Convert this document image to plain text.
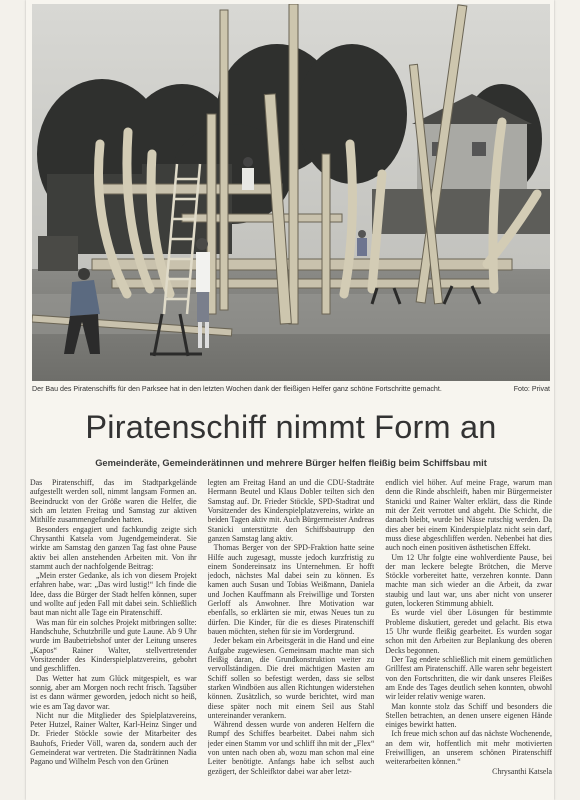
Der Bau des Piratenschiffs für den Parksee hat in den letzten Wochen dank der fleißigen Helfer ganz schöne Fortschritte gemacht.	Foto: Privat
Piratenschiff nimmt Form an
Gemeinderäte, Gemeinderätinnen und mehrere Bürger helfen fleißig beim Schiffsbau mit

Das Piratenschiff, das im Stadtparkgelände aufgestellt werden soll, nimmt langsam Formen an. Beeindruckt von der Größe waren die Helfer, die sich am letzten Freitag und Samstag zur aktiven Mithilfe zusammengefunden hatten.

Besonders engagiert und fachkundig zeigte sich Chrysanthi Katsela vom Jugendgemeinderat. Sie wirkte am Samstag den ganzen Tag fast ohne Pause aktiv bei allen anstehenden Arbeiten mit. Von ihr stammt auch der nachfolgende Beitrag:

„Mein erster Gedanke, als ich von diesem Projekt erfahren habe, war: „Das wird lustig!“ Ich finde die Idee, dass die Bürger der Stadt helfen können, super und wollte auf jeden Fall mit dabei sein. Schließlich baut man nicht alle Tage ein Piratenschiff.

Was man für ein solches Projekt mitbringen sollte: Handschuhe, Schutzbrille und gute Laune. Ab 9 Uhr wurde im Baubetriebshof unter der Leitung unseres „Kapos“ Rainer Walter, stellvertretender Vorsitzender des Kinderspielplatzvereins, gebohrt und geschliffen.

Das Wetter hat zum Glück mitgespielt, es war sonnig, aber am Morgen noch recht frisch. Tagsüber ist es dann wärmer geworden, jedoch nicht so heiß, wie es am Tag davor war.

Nicht nur die Mitglieder des Spielplatzvereins, Peter Hutzel, Rainer Walter, Karl-Heinz Singer und Dr. Frieder Stöckle sowie der Mitarbeiter des Bauhofs, Frieder Völl, waren da, sondern auch der Gemeinderat war vertreten. Die Stadträtinnen Nadia Pagano und Wilhelm Pesch von den Grünen

legten am Freitag Hand an und die CDU-Stadträte Hermann Beutel und Klaus Dobler teilten sich den Samstag auf. Dr. Frieder Stöckle, SPD-Stadtrat und Vorsitzender des Kinderspielplatzvereins, wirkte an beiden Tagen aktiv mit. Auch Bürgermeister Andreas Stanicki unterstützte den Schiffsbautrupp den ganzen Samstag lang aktiv.

Thomas Berger von der SPD-Fraktion hatte seine Hilfe auch zugesagt, musste jedoch kurzfristig zu einem Sondereinsatz ins Unternehmen. Er hofft jedoch, nächstes Mal dabei sein zu können. Es kamen auch Susan und Tobias Weißmann, Daniela und Jochen Kauffmann als Freiwillige und Torsten Gerloff als Anwohner. Ihre Motivation war ebenfalls, so erklärten sie mir, etwas Neues tun zu dürfen. Die Kinder, für die es dieses Piratenschiff bauen möchten, stehen für sie im Vordergrund.

Jeder bekam ein Arbeitsgerät in die Hand und eine Aufgabe zugewiesen. Gemeinsam machte man sich fleißig daran, die Grundkonstruktion weiter zu vervollständigen. Die drei mächtigen Masten am Schiff sollen so befestigt werden, dass sie selbst starken Windböen aus allen Richtungen widerstehen können. Zusätzlich, so wurde berichtet, wird man diese später noch mit einem Seil aus Stahl untereinander verankern.

Während dessen wurde von anderen Helfern die Rumpf des Schiffes bearbeitet. Dabei nahm sich jeder einen Stamm vor und schliff ihn mit der „Flex“ von unten nach oben ab, wozu man schon mal eine Leiter benötigte. Anfangs habe ich selbst auch gezögert, der Schleifktor dabei war aber letzt-

endlich viel höher. Auf meine Frage, warum man denn die Rinde abschleift, haben mir Bürgermeister Stanicki und Rainer Walter erklärt, dass die Rinde mit der Zeit verrottet und abgeht. Die Schicht, die danach bleibt, wurde bei Nässe rutschig werden. Da dies aber bei einem Kinderspielplatz nicht sein darf, muss diese abgeschliffen werden. Nebenbei hat dies auch noch einen positiven ästhetischen Effekt.

Um 12 Uhr folgte eine wohlverdiente Pause, bei der man leckere belegte Brötchen, die Merve Stöckle vorbereitet hatte, verzehren konnte. Dann machte man sich wieder an die Arbeit, da zwar staubig und laut war, uns aber nicht von unserer guten, lockeren Stimmung abhielt.

Es wurde viel über Lösungen für bestimmte Probleme diskutiert, geredet und gelacht. Bis etwa 15 Uhr wurde fleißig gearbeitet. Es wurden sogar schon mit den Arbeiten zur Beplankung des oberen Decks begonnen.

Der Tag endete schließlich mit einem gemütlichen Grillfest am Piratenschiff. Alle waren sehr begeistert von den Fortschritten, die wir dank unseres Fleißes am Ende des Tages deutlich sehen konnten, obwohl wir leider relativ wenige waren.

Man konnte stolz das Schiff und besonders die Stellen betrachten, an denen unsere eigenen Hände einiges bewirkt hatten.

Ich freue mich schon auf das nächste Wochenende, an dem wir, hoffentlich mit mehr motivierten Freiwilligen, an unserem schönen Piratenschiff weiterarbeiten können.“

Chrysanthi Katsela
